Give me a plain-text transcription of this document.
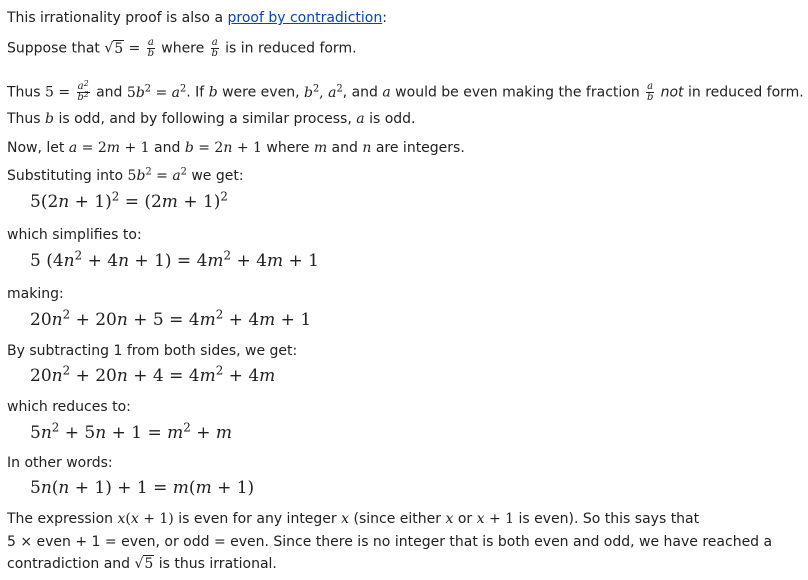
This irrationality proof is also a proof by contradiction:
Suppose that $√5 = \frac{a}{b}$ where $\frac{a}{b}$ is in reduced form.
Thus $5 = \frac{a^2}{b^2}$ and $5b^2 = a^2$. If b were even, $b^2$, $a^2$, and a would be even making the fraction $\frac{a}{b}$ not in reduced form.
Thus b is odd, and by following a similar process, a is odd.
Now, let a = 2m + 1 and b = 2n + 1 where m and n are integers.
Substituting into $5b^2 = a^2$ we get:
$5(2n + 1)^2 = (2m + 1)^2$
which simplifies to:
5 $(4n^2 + 4n + 1) = 4m^2 + 4m + 1$
making:
$20n^2 + 20n + 5 = 4m^2 + 4m + 1$
By subtracting 1 from both sides, we get:
$20n^2 + 20n + 4 = 4m^2 + 4m$
which reduces to:
$5n^2 + 5n + 1 = m^2 + m$
In other words:
5n(n + 1) + 1 = m(m + 1)
The expression x(x + 1) is even for any integer x (since either x or x + 1 is even). So this says that
5 × even + 1 = even, or odd = even. Since there is no integer that is both even and odd, we have reached a
contradiction and √5 is thus irrational.
